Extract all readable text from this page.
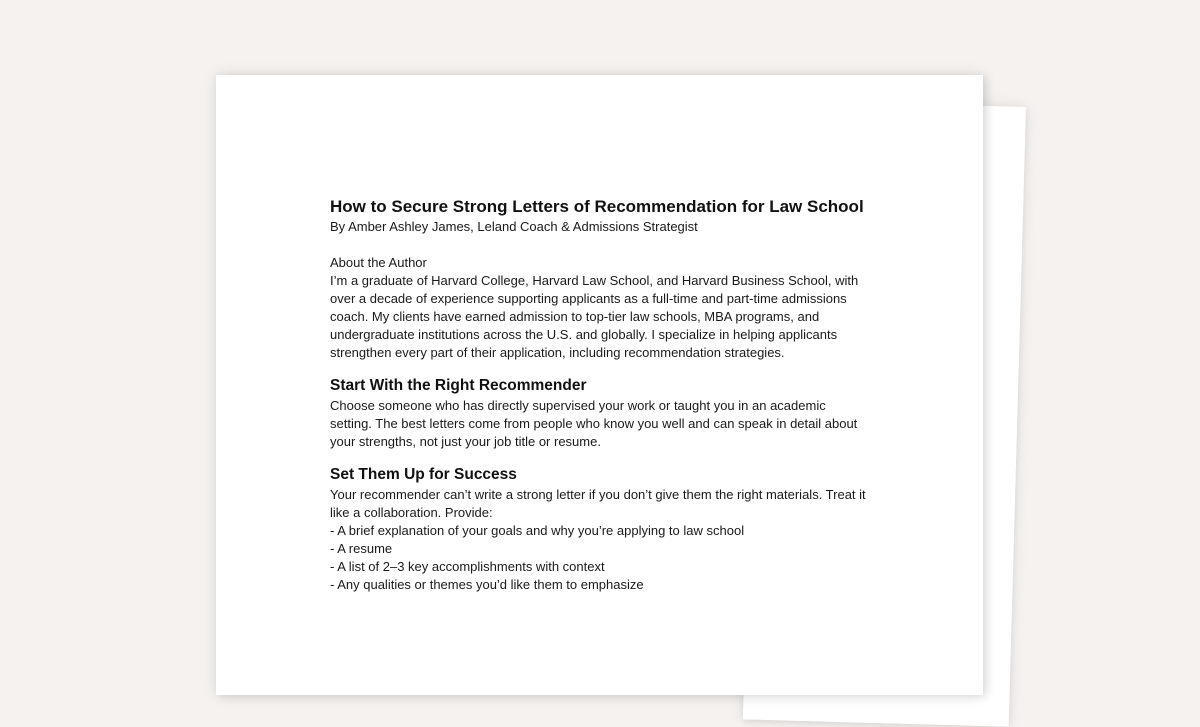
How to Secure Strong Letters of Recommendation for Law School

By Amber Ashley James, Leland Coach & Admissions Strategist

About the Author

I’m a graduate of Harvard College, Harvard Law School, and Harvard Business School, with over a decade of experience supporting applicants as a full-time and part-time admissions coach. My clients have earned admission to top-tier law schools, MBA programs, and undergraduate institutions across the U.S. and globally. I specialize in helping applicants strengthen every part of their application, including recommendation strategies.

Start With the Right Recommender

Choose someone who has directly supervised your work or taught you in an academic setting. The best letters come from people who know you well and can speak in detail about your strengths, not just your job title or resume.

Set Them Up for Success

Your recommender can’t write a strong letter if you don’t give them the right materials. Treat it like a collaboration. Provide:

- A brief explanation of your goals and why you’re applying to law school
- A resume
- A list of 2–3 key accomplishments with context
- Any qualities or themes you’d like them to emphasize
